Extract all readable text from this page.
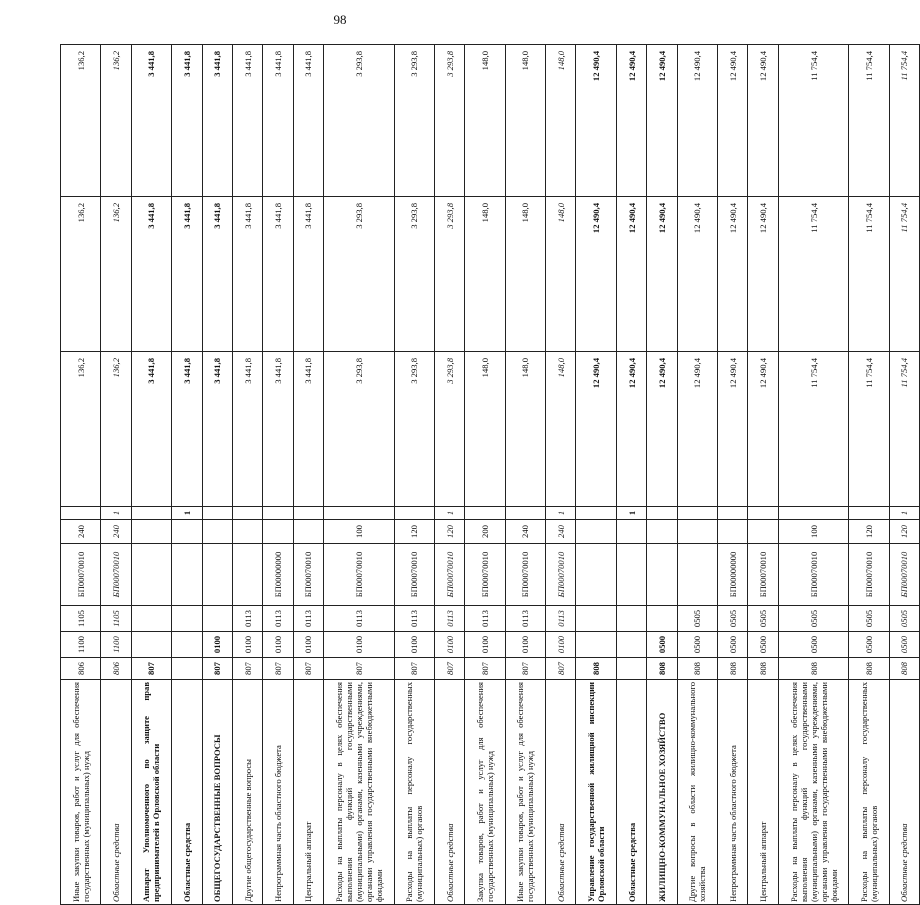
98
Иные закупки товаров, работ и услуг для обеспечения государственных (муниципальных) нужд	806	1100	1105	БП00070010	240		136,2	136,2	136,2
Областные средства	806	1100	1105	БП00070010	240	1	136,2	136,2	136,2
Аппарат Уполномоченного по защите прав предпринимателей в Орловской области	807						3 441,8	3 441,8	3 441,8
Областные средства						1	3 441,8	3 441,8	3 441,8
ОБЩЕГОСУДАРСТВЕННЫЕ ВОПРОСЫ	807	0100					3 441,8	3 441,8	3 441,8
Другие общегосударственные вопросы	807	0100	0113				3 441,8	3 441,8	3 441,8
Непрограммная часть областного бюджета	807	0100	0113	БП00000000			3 441,8	3 441,8	3 441,8
Центральный аппарат	807	0100	0113	БП00070010			3 441,8	3 441,8	3 441,8
Расходы на выплаты персоналу в целях обеспечения выполнения функций государственными (муниципальными) органами, казенными учреждениями, органами управления государственными внебюджетными фондами	807	0100	0113	БП00070010	100		3 293,8	3 293,8	3 293,8
Расходы на выплаты персоналу государственных (муниципальных) органов	807	0100	0113	БП00070010	120		3 293,8	3 293,8	3 293,8
Областные средства	807	0100	0113	БП00070010	120	1	3 293,8	3 293,8	3 293,8
Закупка товаров, работ и услуг для обеспечения государственных (муниципальных) нужд	807	0100	0113	БП00070010	200		148,0	148,0	148,0
Иные закупки товаров, работ и услуг для обеспечения государственных (муниципальных) нужд	807	0100	0113	БП00070010	240		148,0	148,0	148,0
Областные средства	807	0100	0113	БП00070010	240	1	148,0	148,0	148,0
Управление государственной жилищной инспекции Орловской области	808						12 490,4	12 490,4	12 490,4
Областные средства						1	12 490,4	12 490,4	12 490,4
ЖИЛИЩНО-КОММУНАЛЬНОЕ ХОЗЯЙСТВО	808	0500					12 490,4	12 490,4	12 490,4
Другие вопросы в области жилищно-коммунального хозяйства	808	0500	0505				12 490,4	12 490,4	12 490,4
Непрограммная часть областного бюджета	808	0500	0505	БП00000000			12 490,4	12 490,4	12 490,4
Центральный аппарат	808	0500	0505	БП00070010			12 490,4	12 490,4	12 490,4
Расходы на выплаты персоналу в целях обеспечения выполнения функций государственными (муниципальными) органами, казенными учреждениями, органами управления государственными внебюджетными фондами	808	0500	0505	БП00070010	100		11 754,4	11 754,4	11 754,4
Расходы на выплаты персоналу государственных (муниципальных) органов	808	0500	0505	БП00070010	120		11 754,4	11 754,4	11 754,4
Областные средства	808	0500	0505	БП00070010	120	1	11 754,4	11 754,4	11 754,4
